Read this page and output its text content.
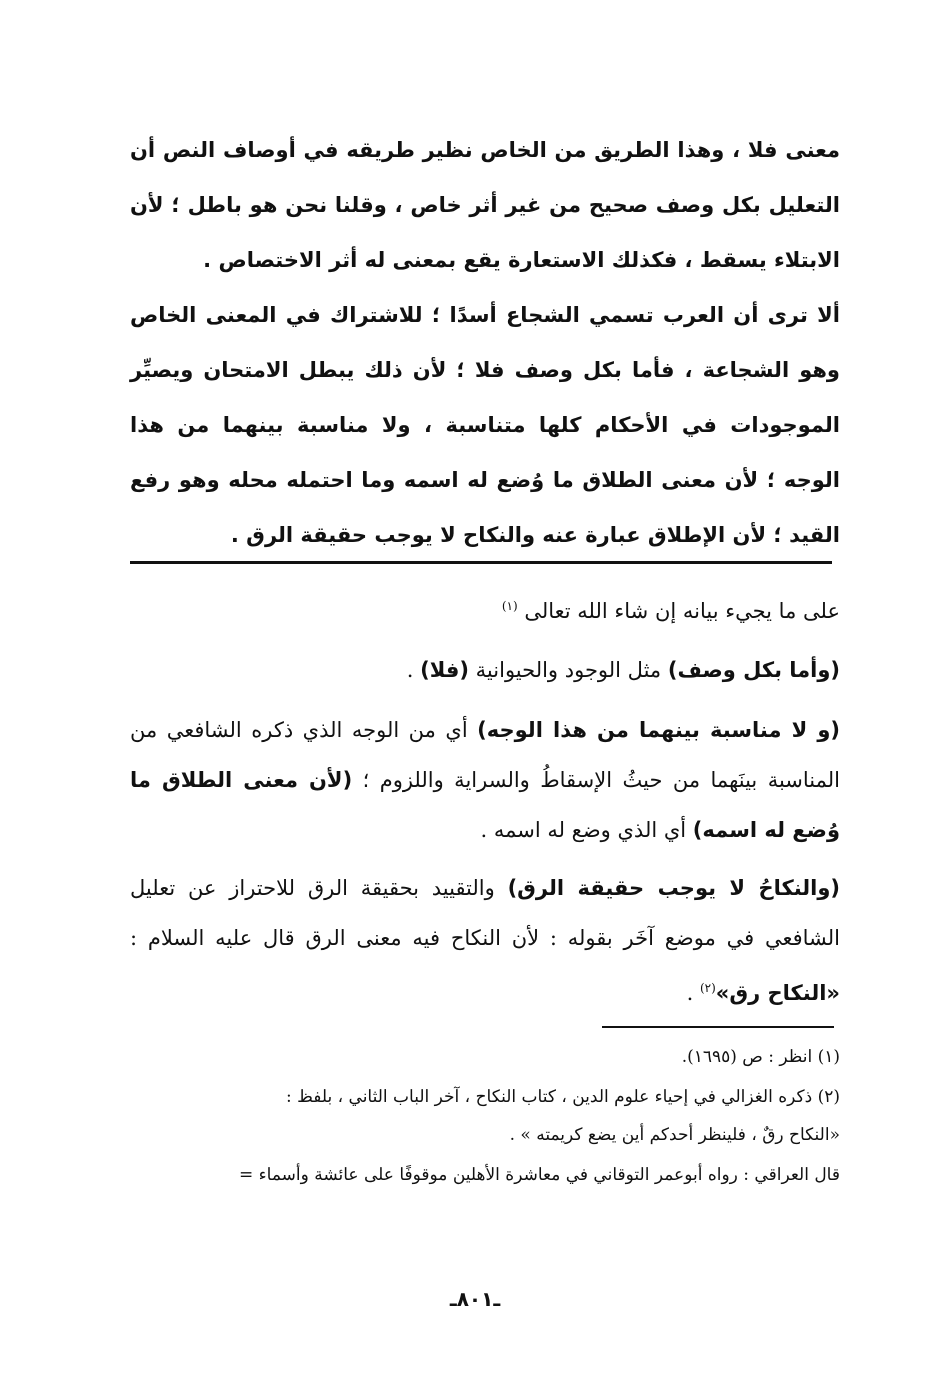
معنى فلا ، وهذا الطريق من الخاص نظير طريقه في أوصاف النص أن التعليل بكل وصف صحيح من غير أثر خاص ، وقلنا نحن هو باطل ؛ لأن الابتلاء يسقط ، فكذلك الاستعارة يقع بمعنى له أثر الاختصاص .

ألا ترى أن العرب تسمي الشجاع أسدًا ؛ للاشتراك في المعنى الخاص وهو الشجاعة ، فأما بكل وصف فلا ؛ لأن ذلك يبطل الامتحان ويصيِّر الموجودات في الأحكام كلها متناسبة ، ولا مناسبة بينهما من هذا الوجه ؛ لأن معنى الطلاق ما وُضع له اسمه وما احتمله محله وهو رفع القيد ؛ لأن الإطلاق عبارة عنه والنكاح لا يوجب حقيقة الرق .

على ما يجيء بيانه إن شاء الله تعالى $^{(١)}$

(وأما بكل وصف) مثل الوجود والحيوانية (فلا) .

(و لا مناسبة بينهما من هذا الوجه) أي من الوجه الذي ذكره الشافعي من المناسبة بينَهما من حيثُ الإسقاطُ والسراية واللزوم ؛ (لأن معنى الطلاق ما وُضع له اسمه) أي الذي وضع له اسمه .

(والنكاحُ لا يوجب حقيقة الرق) والتقييد بحقيقة الرق للاحتراز عن تعليل الشافعي في موضع آخَر بقوله : لأن النكاح فيه معنى الرق قال عليه السلام : «النكاح رق»$^{(٢)}$ .

(١) انظر : ص (١٦٩٥).

(٢) ذكره الغزالي في إحياء علوم الدين ، كتاب النكاح ، آخر الباب الثاني ، بلفظ :

«النكاح رقٌ ، فلينظر أحدكم أين يضع كريمته » .

قال العراقي : رواه أبوعمر التوقاني في معاشرة الأهلين موقوفًا على عائشة وأسماء =

ـ٨٠١ـ
